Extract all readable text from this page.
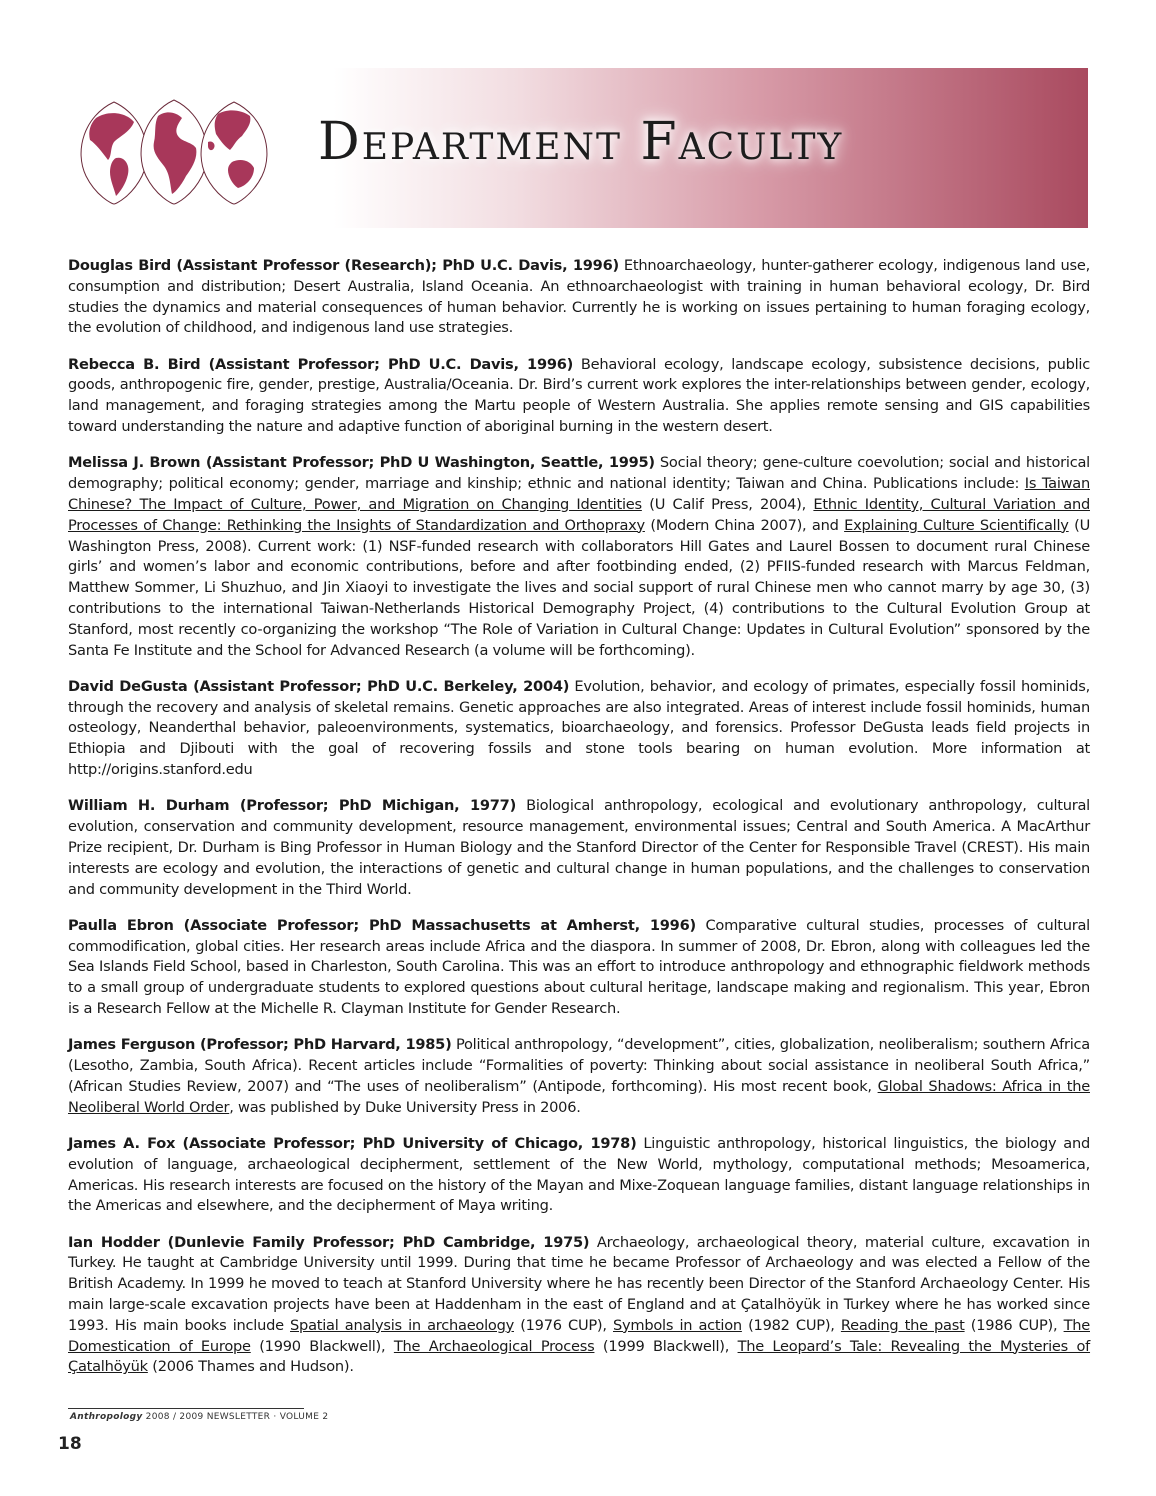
Department Faculty

Douglas Bird (Assistant Professor (Research); PhD U.C. Davis, 1996) Ethnoarchaeology, hunter-gatherer ecology, indigenous land use, consumption and distribution; Desert Australia, Island Oceania. An ethnoarchaeologist with training in human behavioral ecology, Dr. Bird studies the dynamics and material consequences of human behavior. Currently he is working on issues pertaining to human foraging ecology, the evolution of childhood, and indigenous land use strategies.

Rebecca B. Bird (Assistant Professor; PhD U.C. Davis, 1996) Behavioral ecology, landscape ecology, subsistence decisions, public goods, anthropogenic fire, gender, prestige, Australia/Oceania. Dr. Bird’s current work explores the inter-relationships between gender, ecology, land management, and foraging strategies among the Martu people of Western Australia. She applies remote sensing and GIS capabilities toward understanding the nature and adaptive function of aboriginal burning in the western desert.

Melissa J. Brown (Assistant Professor; PhD U Washington, Seattle, 1995) Social theory; gene-culture coevolution; social and historical demography; political economy; gender, marriage and kinship; ethnic and national identity; Taiwan and China. Publications include: Is Taiwan Chinese? The Impact of Culture, Power, and Migration on Changing Identities (U Calif Press, 2004), Ethnic Identity, Cultural Variation and Processes of Change: Rethinking the Insights of Standardization and Orthopraxy (Modern China 2007), and Explaining Culture Scientifically (U Washington Press, 2008). Current work: (1) NSF-funded research with collaborators Hill Gates and Laurel Bossen to document rural Chinese girls’ and women’s labor and economic contributions, before and after footbinding ended, (2) PFIIS-funded research with Marcus Feldman, Matthew Sommer, Li Shuzhuo, and Jin Xiaoyi to investigate the lives and social support of rural Chinese men who cannot marry by age 30, (3) contributions to the international Taiwan-Netherlands Historical Demography Project, (4) contributions to the Cultural Evolution Group at Stanford, most recently co-organizing the workshop “The Role of Variation in Cultural Change: Updates in Cultural Evolution” sponsored by the Santa Fe Institute and the School for Advanced Research (a volume will be forthcoming).

David DeGusta (Assistant Professor; PhD U.C. Berkeley, 2004) Evolution, behavior, and ecology of primates, especially fossil hominids, through the recovery and analysis of skeletal remains. Genetic approaches are also integrated. Areas of interest include fossil hominids, human osteology, Neanderthal behavior, paleoenvironments, systematics, bioarchaeology, and forensics. Professor DeGusta leads field projects in Ethiopia and Djibouti with the goal of recovering fossils and stone tools bearing on human evolution. More information at http://origins.stanford.edu

William H. Durham (Professor; PhD Michigan, 1977) Biological anthropology, ecological and evolutionary anthropology, cultural evolution, conservation and community development, resource management, environmental issues; Central and South America. A MacArthur Prize recipient, Dr. Durham is Bing Professor in Human Biology and the Stanford Director of the Center for Responsible Travel (CREST). His main interests are ecology and evolution, the interactions of genetic and cultural change in human populations, and the challenges to conservation and community development in the Third World.

Paulla Ebron (Associate Professor; PhD Massachusetts at Amherst, 1996) Comparative cultural studies, processes of cultural commodification, global cities. Her research areas include Africa and the diaspora. In summer of 2008, Dr. Ebron, along with colleagues led the Sea Islands Field School, based in Charleston, South Carolina. This was an effort to introduce anthropology and ethnographic fieldwork methods to a small group of undergraduate students to explored questions about cultural heritage, landscape making and regionalism. This year, Ebron is a Research Fellow at the Michelle R. Clayman Institute for Gender Research.

James Ferguson (Professor; PhD Harvard, 1985) Political anthropology, “development”, cities, globalization, neoliberalism; southern Africa (Lesotho, Zambia, South Africa). Recent articles include “Formalities of poverty: Thinking about social assistance in neoliberal South Africa,” (African Studies Review, 2007) and “The uses of neoliberalism” (Antipode, forthcoming). His most recent book, Global Shadows: Africa in the Neoliberal World Order, was published by Duke University Press in 2006.

James A. Fox (Associate Professor; PhD University of Chicago, 1978) Linguistic anthropology, historical linguistics, the biology and evolution of language, archaeological decipherment, settlement of the New World, mythology, computational methods; Mesoamerica, Americas. His research interests are focused on the history of the Mayan and Mixe-Zoquean language families, distant language relationships in the Americas and elsewhere, and the decipherment of Maya writing.

Ian Hodder (Dunlevie Family Professor; PhD Cambridge, 1975) Archaeology, archaeological theory, material culture, excavation in Turkey. He taught at Cambridge University until 1999. During that time he became Professor of Archaeology and was elected a Fellow of the British Academy. In 1999 he moved to teach at Stanford University where he has recently been Director of the Stanford Archaeology Center. His main large-scale excavation projects have been at Haddenham in the east of England and at Çatalhöyük in Turkey where he has worked since 1993. His main books include Spatial analysis in archaeology (1976 CUP), Symbols in action (1982 CUP), Reading the past (1986 CUP), The Domestication of Europe (1990 Blackwell), The Archaeological Process (1999 Blackwell), The Leopard’s Tale: Revealing the Mysteries of Çatalhöyük (2006 Thames and Hudson).

Anthropology 2008 / 2009 NEWSLETTER · VOLUME 2
18
